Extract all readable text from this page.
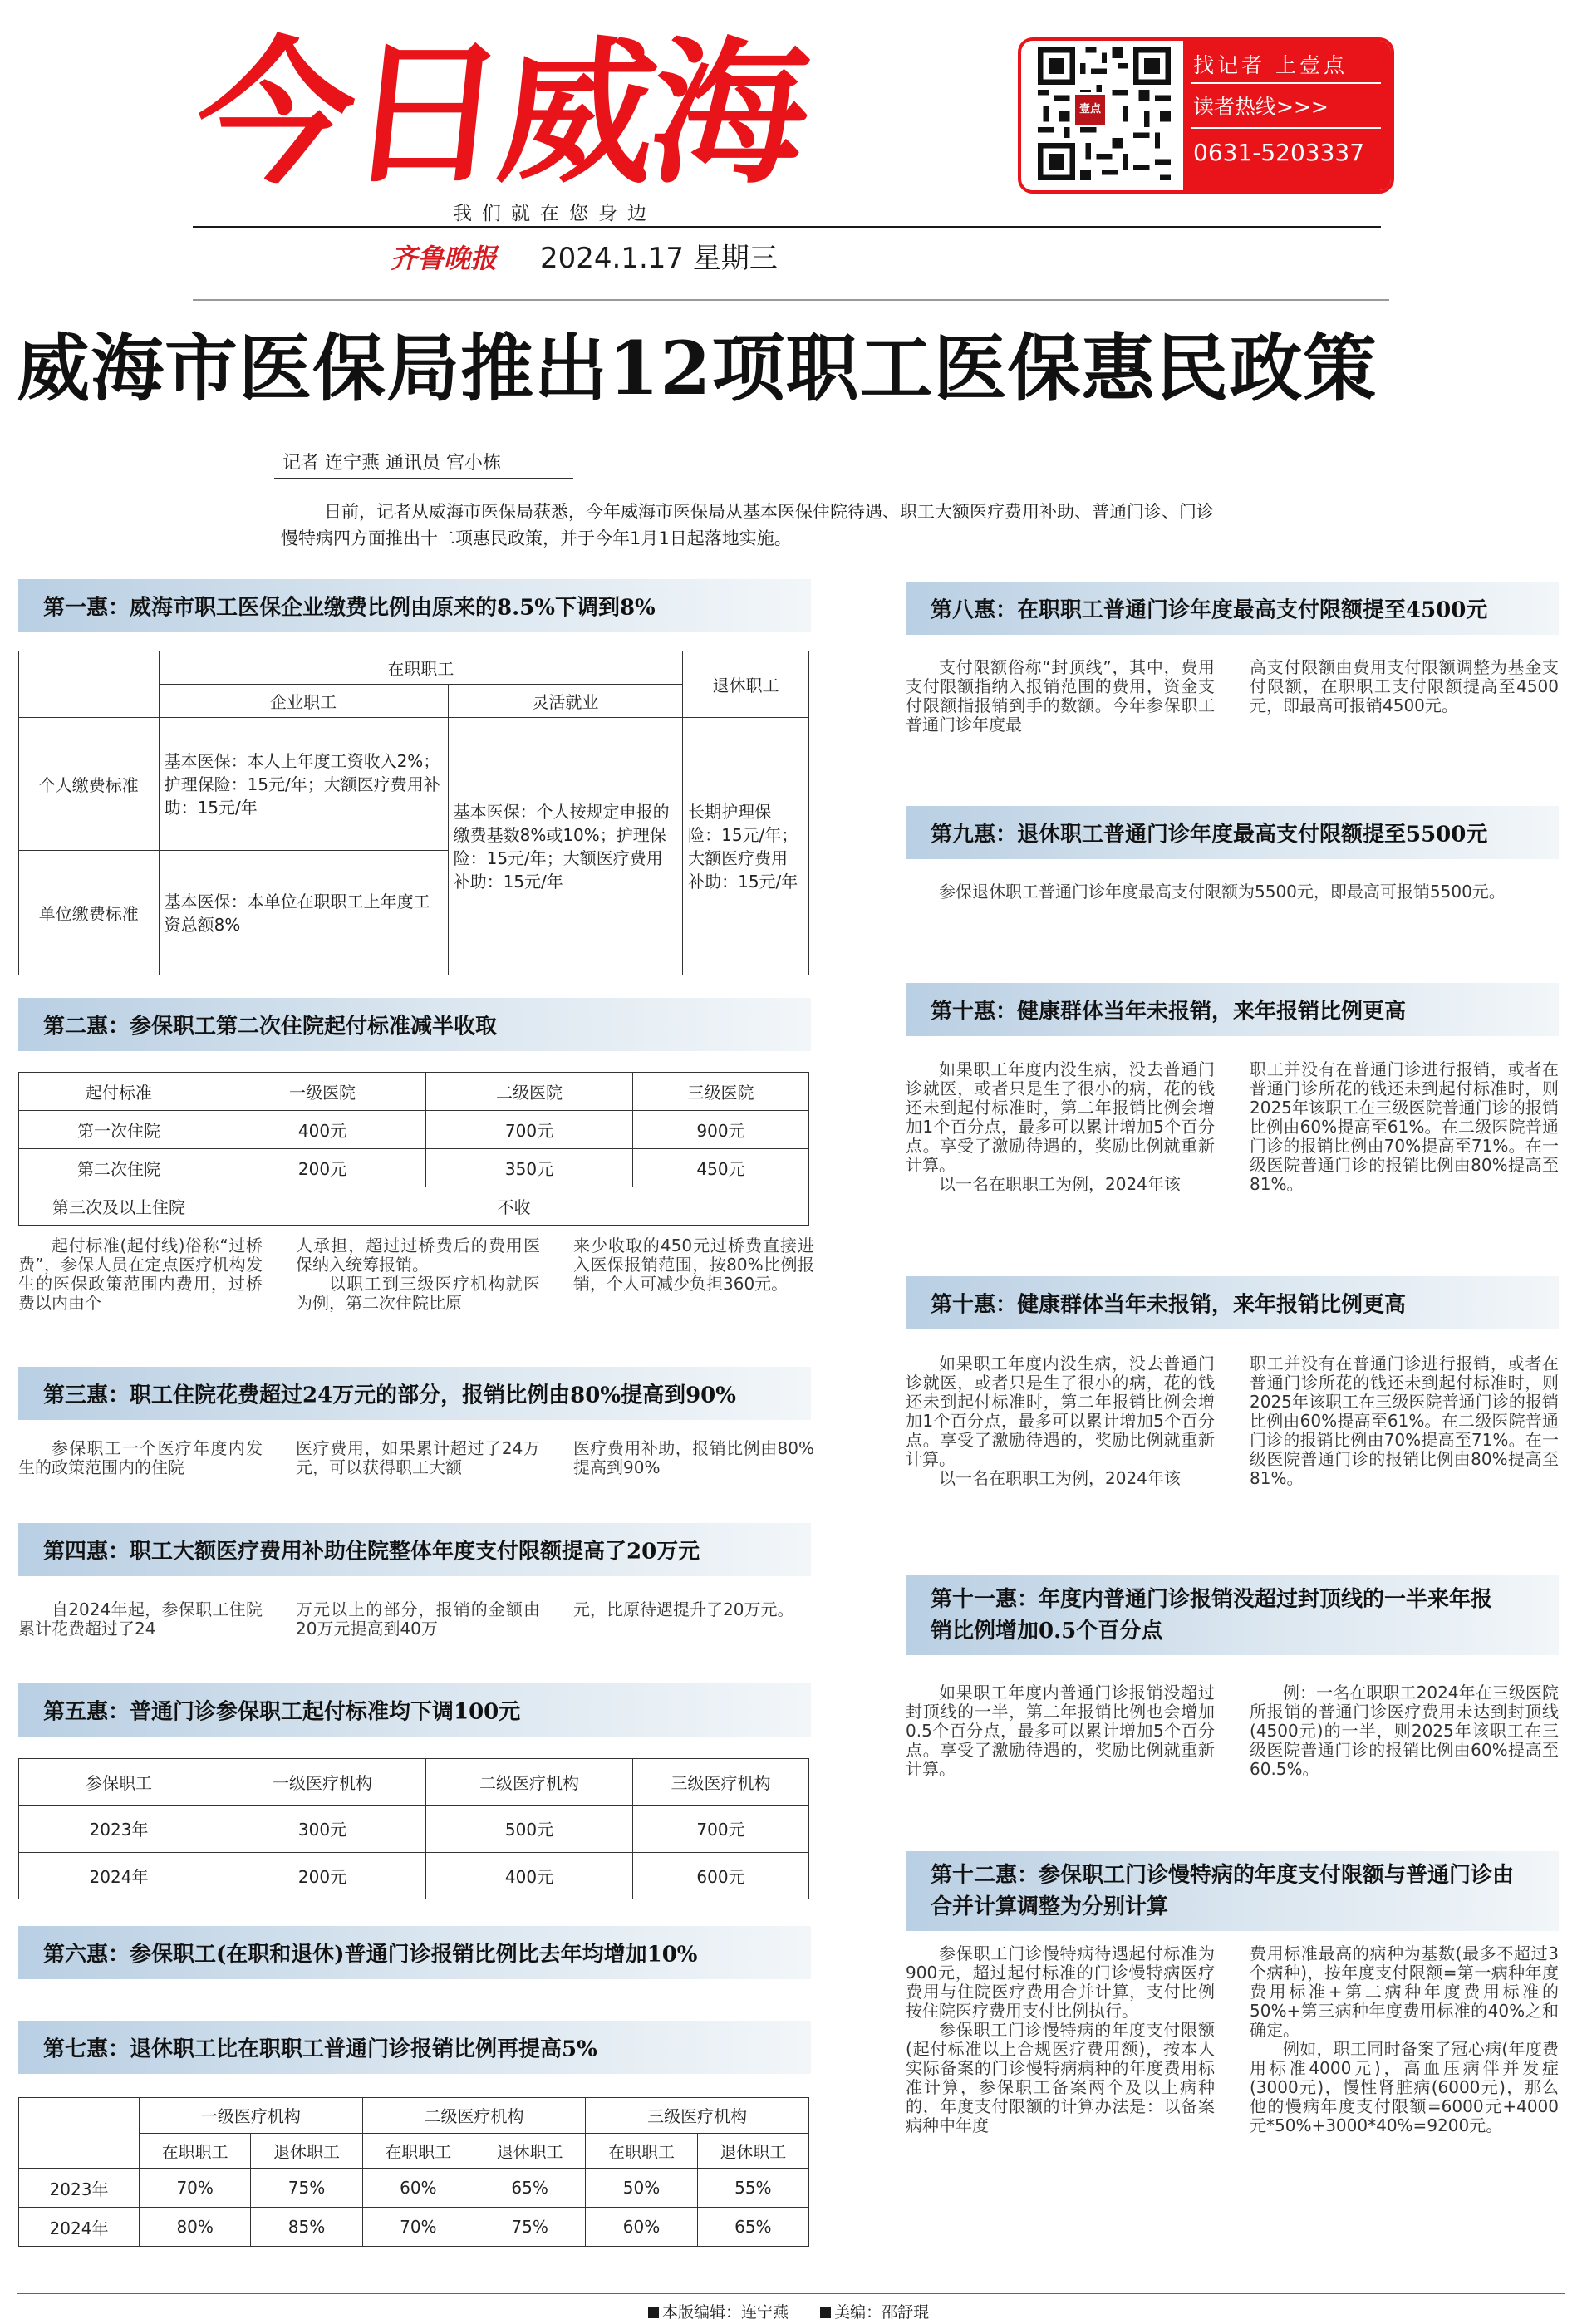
今日威海
我们就在您身边
齐鲁晚报 2024.1.17 星期三
壹点
找记者 上壹点
读者热线>>>
0631-5203337
威海市医保局推出12项职工医保惠民政策
记者 连宁燕 通讯员 宫小栋
日前，记者从威海市医保局获悉，今年威海市医保局从基本医保住院待遇、职工大额医疗费用补助、普通门诊、门诊
慢特病四方面推出十二项惠民政策，并于今年1月1日起落地实施。
第一惠：威海市职工医保企业缴费比例由原来的8.5%下调到8%
	在职职工		退休职工
	企业职工	灵活就业	
个人缴费标准	基本医保：本人上年度工资收入2%；护理保险：15元/年；大额医疗费用补助：15元/年	基本医保：个人按规定申报的缴费基数8%或10%；护理保险：15元/年；大额医疗费用补助：15元/年	长期护理保险：15元/年；大额医疗费用补助：15元/年
单位缴费标准	基本医保：本单位在职职工上年度工资总额8%		
第二惠：参保职工第二次住院起付标准减半收取
起付标准	一级医院	二级医院	三级医院
第一次住院	400元	700元	900元
第二次住院	200元	350元	450元
第三次及以上住院	不收		

起付标准(起付线)俗称“过桥费”，参保人员在定点医疗机构发生的医保政策范围内费用，过桥费以内由个

人承担，超过过桥费后的费用医保纳入统筹报销。

以职工到三级医疗机构就医为例，第二次住院比原

来少收取的450元过桥费直接进入医保报销范围，按80%比例报销，个人可减少负担360元。

第三惠：职工住院花费超过24万元的部分，报销比例由80%提高到90%

参保职工一个医疗年度内发生的政策范围内的住院

医疗费用，如果累计超过了24万元，可以获得职工大额

医疗费用补助，报销比例由80%提高到90%

第四惠：职工大额医疗费用补助住院整体年度支付限额提高了20万元

自2024年起，参保职工住院累计花费超过了24

万元以上的部分，报销的金额由20万元提高到40万

元，比原待遇提升了20万元。

第五惠：普通门诊参保职工起付标准均下调100元
参保职工	一级医疗机构	二级医疗机构	三级医疗机构
2023年	300元	500元	700元
2024年	200元	400元	600元
第六惠：参保职工(在职和退休)普通门诊报销比例比去年均增加10%
第七惠：退休职工比在职职工普通门诊报销比例再提高5%
	一级医疗机构		二级医疗机构		三级医疗机构	
	在职职工	退休职工	在职职工	退休职工	在职职工	退休职工
2023年	70%	75%	60%	65%	50%	55%
2024年	80%	85%	70%	75%	60%	65%
第八惠：在职职工普通门诊年度最高支付限额提至4500元

支付限额俗称“封顶线”，其中，费用支付限额指纳入报销范围的费用，资金支付限额指报销到手的数额。今年参保职工普通门诊年度最

高支付限额由费用支付限额调整为基金支付限额，在职职工支付限额提高至4500元，即最高可报销4500元。

第九惠：退休职工普通门诊年度最高支付限额提至5500元

参保退休职工普通门诊年度最高支付限额为5500元，即最高可报销5500元。

第十惠：健康群体当年未报销，来年报销比例更高

如果职工年度内没生病，没去普通门诊就医，或者只是生了很小的病，花的钱还未到起付标准时，第二年报销比例会增加1个百分点，最多可以累计增加5个百分点。享受了激励待遇的，奖励比例就重新计算。

以一名在职职工为例，2024年该

职工并没有在普通门诊进行报销，或者在普通门诊所花的钱还未到起付标准时，则2025年该职工在三级医院普通门诊的报销比例由60%提高至61%。在二级医院普通门诊的报销比例由70%提高至71%。在一级医院普通门诊的报销比例由80%提高至81%。

第十惠：健康群体当年未报销，来年报销比例更高

如果职工年度内没生病，没去普通门诊就医，或者只是生了很小的病，花的钱还未到起付标准时，第二年报销比例会增加1个百分点，最多可以累计增加5个百分点。享受了激励待遇的，奖励比例就重新计算。

以一名在职职工为例，2024年该

职工并没有在普通门诊进行报销，或者在普通门诊所花的钱还未到起付标准时，则2025年该职工在三级医院普通门诊的报销比例由60%提高至61%。在二级医院普通门诊的报销比例由70%提高至71%。在一级医院普通门诊的报销比例由80%提高至81%。

第十一惠：年度内普通门诊报销没超过封顶线的一半来年报销比例增加0.5个百分点

如果职工年度内普通门诊报销没超过封顶线的一半，第二年报销比例也会增加0.5个百分点，最多可以累计增加5个百分点。享受了激励待遇的，奖励比例就重新计算。

例：一名在职职工2024年在三级医院所报销的普通门诊医疗费用未达到封顶线(4500元)的一半，则2025年该职工在三级医院普通门诊的报销比例由60%提高至60.5%。

第十二惠：参保职工门诊慢特病的年度支付限额与普通门诊由合并计算调整为分别计算

参保职工门诊慢特病待遇起付标准为900元，超过起付标准的门诊慢特病医疗费用与住院医疗费用合并计算，支付比例按住院医疗费用支付比例执行。

参保职工门诊慢特病的年度支付限额(起付标准以上合规医疗费用额)，按本人实际备案的门诊慢特病病种的年度费用标准计算，参保职工备案两个及以上病种的，年度支付限额的计算办法是：以备案病种中年度

费用标准最高的病种为基数(最多不超过3个病种)，按年度支付限额=第一病种年度费用标准+第二病种年度费用标准的50%+第三病种年度费用标准的40%之和确定。

例如，职工同时备案了冠心病(年度费用标准4000元)，高血压病伴并发症(3000元)，慢性肾脏病(6000元)，那么他的慢病年度支付限额=6000元+4000元*50%+3000*40%=9200元。

本版编辑：连宁燕	美编：邵舒琨
